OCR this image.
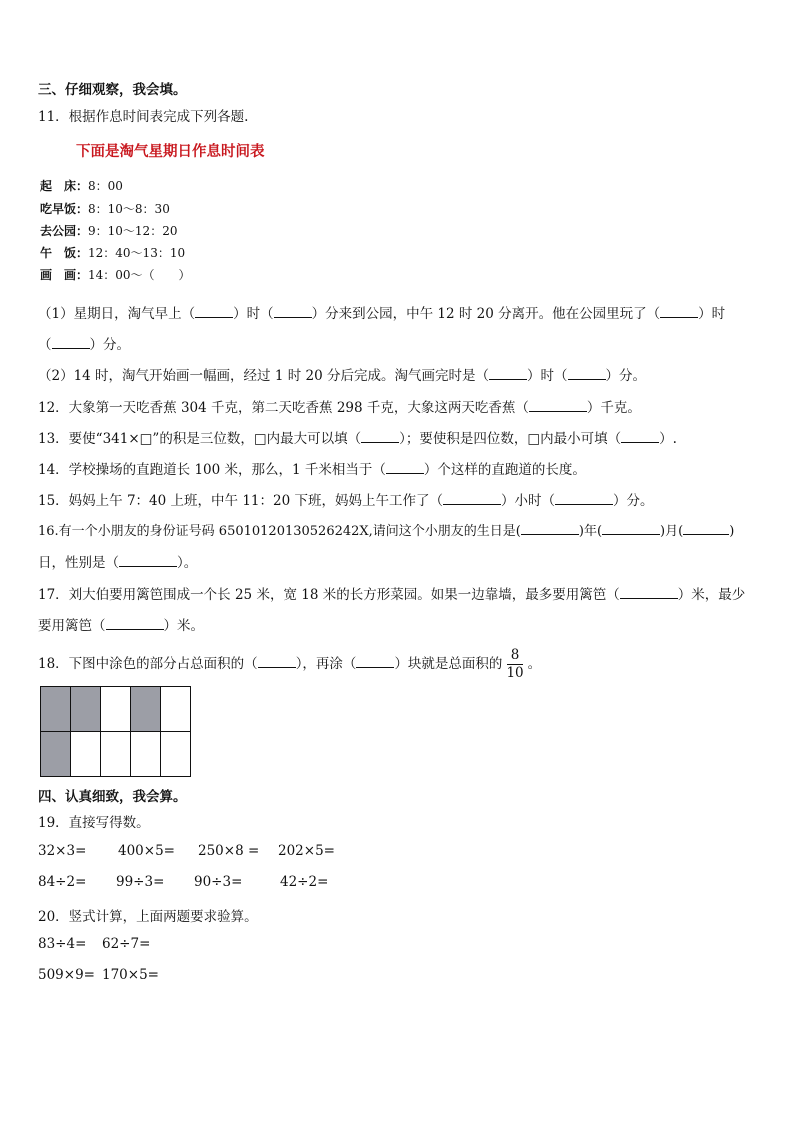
三、仔细观察，我会填。
11．根据作息时间表完成下列各题.
下面是淘气星期日作息时间表
起　床：8：00
吃早饭：8：10～8：30
去公园：9：10～12：20
午　饭：12：40～13：10
画　画：14：00～（　　）
（1）星期日，淘气早上（	）时（	）分来到公园，中午 12 时 20 分离开。他在公园里玩了（	）时
（	）分。
（2）14 时，淘气开始画一幅画，经过 1 时 20 分后完成。淘气画完时是（	）时（	）分。
12．大象第一天吃香蕉 304 千克，第二天吃香蕉 298 千克，大象这两天吃香蕉（	）千克。
13．要使“341×□”的积是三位数，□内最大可以填（	）；要使积是四位数，□内最小可填（	）.
14．学校操场的直跑道长 100 米，那么，1 千米相当于（	）个这样的直跑道的长度。
15．妈妈上午 7：40 上班，中午 11：20 下班，妈妈上午工作了（	）小时（	）分。
16.有一个小朋友的身份证号码 65010120130526242X,请问这个小朋友的生日是(	)年(	)月(	)
日，性别是（	）。
17．刘大伯要用篱笆围成一个长 25 米，宽 18 米的长方形菜园。如果一边靠墙，最多要用篱笆（	）米，最少
要用篱笆（	）米。
18．下图中涂色的部分占总面积的（	），再涂（	）块就是总面积的 $\frac{8}{10}$ 。

四、认真细致，我会算。
19．直接写得数。
32×3= 400×5= 250×8 = 202×5=
84÷2= 99÷3= 90÷3=	42÷2=
20．竖式计算，上面两题要求验算。
83÷4= 62÷7=
509×9= 170×5=
